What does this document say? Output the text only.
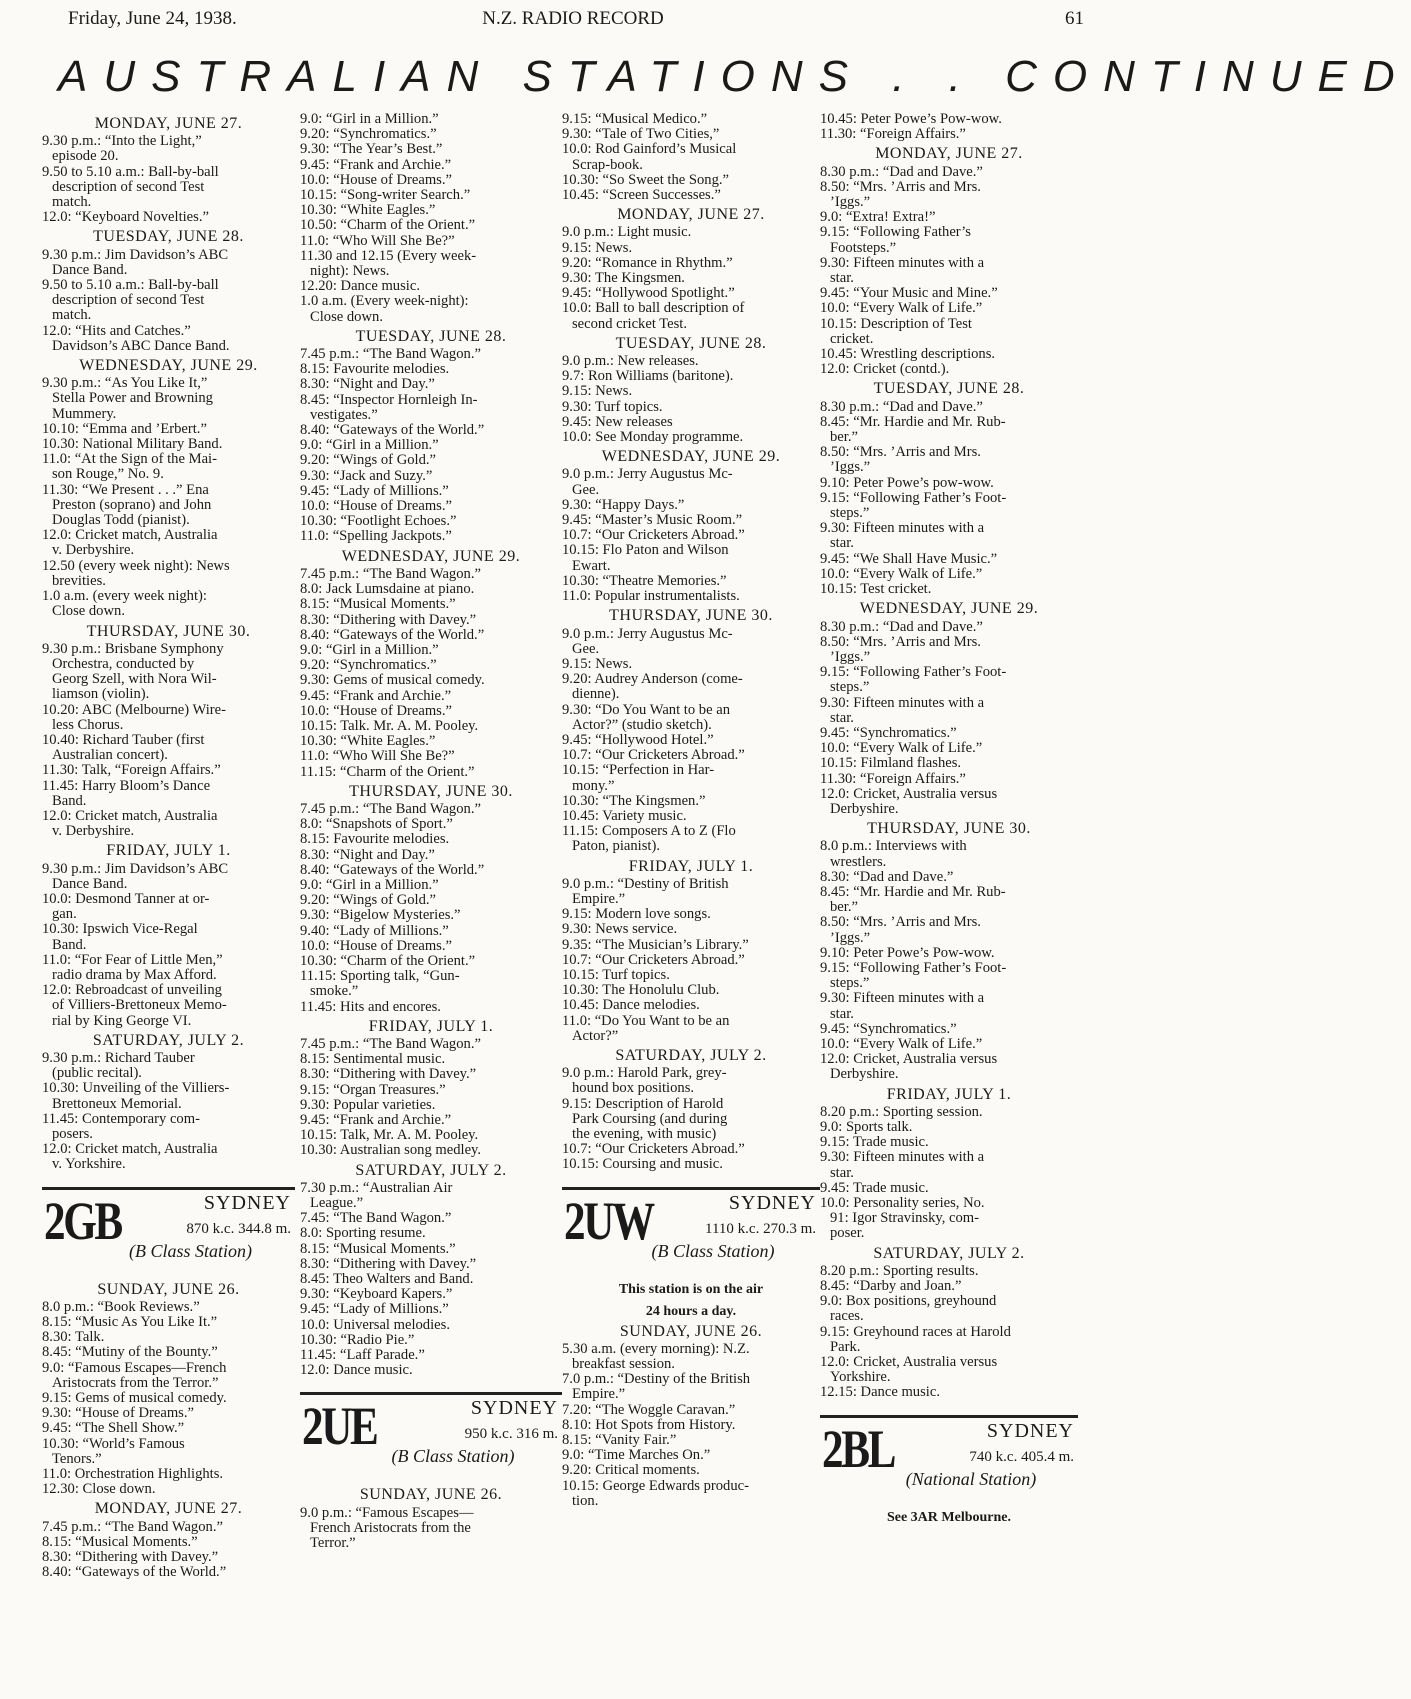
Friday, June 24, 1938.	N.Z. RADIO RECORD	61
AUSTRALIAN STATIONS . . CONTINUED
MONDAY, JUNE 27.
9.30 p.m.: “Into the Light,”
episode 20.
9.50 to 5.10 a.m.: Ball-by-ball
description of second Test
match.
12.0: “Keyboard Novelties.”
TUESDAY, JUNE 28.
9.30 p.m.: Jim Davidson’s ABC
Dance Band.
9.50 to 5.10 a.m.: Ball-by-ball
description of second Test
match.
12.0: “Hits and Catches.”
Davidson’s ABC Dance Band.
WEDNESDAY, JUNE 29.
9.30 p.m.: “As You Like It,”
Stella Power and Browning
Mummery.
10.10: “Emma and ’Erbert.”
10.30: National Military Band.
11.0: “At the Sign of the Mai-
son Rouge,” No. 9.
11.30: “We Present . . .” Ena
Preston (soprano) and John
Douglas Todd (pianist).
12.0: Cricket match, Australia
v. Derbyshire.
12.50 (every week night): News
brevities.
1.0 a.m. (every week night):
Close down.
THURSDAY, JUNE 30.
9.30 p.m.: Brisbane Symphony
Orchestra, conducted by
Georg Szell, with Nora Wil-
liamson (violin).
10.20: ABC (Melbourne) Wire-
less Chorus.
10.40: Richard Tauber (first
Australian concert).
11.30: Talk, “Foreign Affairs.”
11.45: Harry Bloom’s Dance
Band.
12.0: Cricket match, Australia
v. Derbyshire.
FRIDAY, JULY 1.
9.30 p.m.: Jim Davidson’s ABC
Dance Band.
10.0: Desmond Tanner at or-
gan.
10.30: Ipswich Vice-Regal
Band.
11.0: “For Fear of Little Men,”
radio drama by Max Afford.
12.0: Rebroadcast of unveiling
of Villiers-Brettoneux Memo-
rial by King George VI.
SATURDAY, JULY 2.
9.30 p.m.: Richard Tauber
(public recital).
10.30: Unveiling of the Villiers-
Brettoneux Memorial.
11.45: Contemporary com-
posers.
12.0: Cricket match, Australia
v. Yorkshire.
2GB	SYDNEY
870 k.c. 344.8 m.
(B Class Station)
SUNDAY, JUNE 26.
8.0 p.m.: “Book Reviews.”
8.15: “Music As You Like It.”
8.30: Talk.
8.45: “Mutiny of the Bounty.”
9.0: “Famous Escapes—French
Aristocrats from the Terror.”
9.15: Gems of musical comedy.
9.30: “House of Dreams.”
9.45: “The Shell Show.”
10.30: “World’s Famous
Tenors.”
11.0: Orchestration Highlights.
12.30: Close down.
MONDAY, JUNE 27.
7.45 p.m.: “The Band Wagon.”
8.15: “Musical Moments.”
8.30: “Dithering with Davey.”
8.40: “Gateways of the World.”
9.0: “Girl in a Million.”
9.20: “Synchromatics.”
9.30: “The Year’s Best.”
9.45: “Frank and Archie.”
10.0: “House of Dreams.”
10.15: “Song-writer Search.”
10.30: “White Eagles.”
10.50: “Charm of the Orient.”
11.0: “Who Will She Be?”
11.30 and 12.15 (Every week-
night): News.
12.20: Dance music.
1.0 a.m. (Every week-night):
Close down.
TUESDAY, JUNE 28.
7.45 p.m.: “The Band Wagon.”
8.15: Favourite melodies.
8.30: “Night and Day.”
8.45: “Inspector Hornleigh In-
vestigates.”
8.40: “Gateways of the World.”
9.0: “Girl in a Million.”
9.20: “Wings of Gold.”
9.30: “Jack and Suzy.”
9.45: “Lady of Millions.”
10.0: “House of Dreams.”
10.30: “Footlight Echoes.”
11.0: “Spelling Jackpots.”
WEDNESDAY, JUNE 29.
7.45 p.m.: “The Band Wagon.”
8.0: Jack Lumsdaine at piano.
8.15: “Musical Moments.”
8.30: “Dithering with Davey.”
8.40: “Gateways of the World.”
9.0: “Girl in a Million.”
9.20: “Synchromatics.”
9.30: Gems of musical comedy.
9.45: “Frank and Archie.”
10.0: “House of Dreams.”
10.15: Talk. Mr. A. M. Pooley.
10.30: “White Eagles.”
11.0: “Who Will She Be?”
11.15: “Charm of the Orient.”
THURSDAY, JUNE 30.
7.45 p.m.: “The Band Wagon.”
8.0: “Snapshots of Sport.”
8.15: Favourite melodies.
8.30: “Night and Day.”
8.40: “Gateways of the World.”
9.0: “Girl in a Million.”
9.20: “Wings of Gold.”
9.30: “Bigelow Mysteries.”
9.40: “Lady of Millions.”
10.0: “House of Dreams.”
10.30: “Charm of the Orient.”
11.15: Sporting talk, “Gun-
smoke.”
11.45: Hits and encores.
FRIDAY, JULY 1.
7.45 p.m.: “The Band Wagon.”
8.15: Sentimental music.
8.30: “Dithering with Davey.”
9.15: “Organ Treasures.”
9.30: Popular varieties.
9.45: “Frank and Archie.”
10.15: Talk, Mr. A. M. Pooley.
10.30: Australian song medley.
SATURDAY, JULY 2.
7.30 p.m.: “Australian Air
League.”
7.45: “The Band Wagon.”
8.0: Sporting resume.
8.15: “Musical Moments.”
8.30: “Dithering with Davey.”
8.45: Theo Walters and Band.
9.30: “Keyboard Kapers.”
9.45: “Lady of Millions.”
10.0: Universal melodies.
10.30: “Radio Pie.”
11.45: “Laff Parade.”
12.0: Dance music.
2UE	SYDNEY
950 k.c. 316 m.
(B Class Station)
SUNDAY, JUNE 26.
9.0 p.m.: “Famous Escapes—
French Aristocrats from the
Terror.”
9.15: “Musical Medico.”
9.30: “Tale of Two Cities,”
10.0: Rod Gainford’s Musical
Scrap-book.
10.30: “So Sweet the Song.”
10.45: “Screen Successes.”
MONDAY, JUNE 27.
9.0 p.m.: Light music.
9.15: News.
9.20: “Romance in Rhythm.”
9.30: The Kingsmen.
9.45: “Hollywood Spotlight.”
10.0: Ball to ball description of
second cricket Test.
TUESDAY, JUNE 28.
9.0 p.m.: New releases.
9.7: Ron Williams (baritone).
9.15: News.
9.30: Turf topics.
9.45: New releases
10.0: See Monday programme.
WEDNESDAY, JUNE 29.
9.0 p.m.: Jerry Augustus Mc-
Gee.
9.30: “Happy Days.”
9.45: “Master’s Music Room.”
10.7: “Our Cricketers Abroad.”
10.15: Flo Paton and Wilson
Ewart.
10.30: “Theatre Memories.”
11.0: Popular instrumentalists.
THURSDAY, JUNE 30.
9.0 p.m.: Jerry Augustus Mc-
Gee.
9.15: News.
9.20: Audrey Anderson (come-
dienne).
9.30: “Do You Want to be an
Actor?” (studio sketch).
9.45: “Hollywood Hotel.”
10.7: “Our Cricketers Abroad.”
10.15: “Perfection in Har-
mony.”
10.30: “The Kingsmen.”
10.45: Variety music.
11.15: Composers A to Z (Flo
Paton, pianist).
FRIDAY, JULY 1.
9.0 p.m.: “Destiny of British
Empire.”
9.15: Modern love songs.
9.30: News service.
9.35: “The Musician’s Library.”
10.7: “Our Cricketers Abroad.”
10.15: Turf topics.
10.30: The Honolulu Club.
10.45: Dance melodies.
11.0: “Do You Want to be an
Actor?”
SATURDAY, JULY 2.
9.0 p.m.: Harold Park, grey-
hound box positions.
9.15: Description of Harold
Park Coursing (and during
the evening, with music)
10.7: “Our Cricketers Abroad.”
10.15: Coursing and music.
2UW	SYDNEY
1110 k.c. 270.3 m.
(B Class Station)
This station is on the air
24 hours a day.
SUNDAY, JUNE 26.
5.30 a.m. (every morning): N.Z.
breakfast session.
7.0 p.m.: “Destiny of the British
Empire.”
7.20: “The Woggle Caravan.”
8.10: Hot Spots from History.
8.15: “Vanity Fair.”
9.0: “Time Marches On.”
9.20: Critical moments.
10.15: George Edwards produc-
tion.
10.45: Peter Powe’s Pow-wow.
11.30: “Foreign Affairs.”
MONDAY, JUNE 27.
8.30 p.m.: “Dad and Dave.”
8.50: “Mrs. ’Arris and Mrs.
’Iggs.”
9.0: “Extra! Extra!”
9.15: “Following Father’s
Footsteps.”
9.30: Fifteen minutes with a
star.
9.45: “Your Music and Mine.”
10.0: “Every Walk of Life.”
10.15: Description of Test
cricket.
10.45: Wrestling descriptions.
12.0: Cricket (contd.).
TUESDAY, JUNE 28.
8.30 p.m.: “Dad and Dave.”
8.45: “Mr. Hardie and Mr. Rub-
ber.”
8.50: “Mrs. ’Arris and Mrs.
’Iggs.”
9.10: Peter Powe’s pow-wow.
9.15: “Following Father’s Foot-
steps.”
9.30: Fifteen minutes with a
star.
9.45: “We Shall Have Music.”
10.0: “Every Walk of Life.”
10.15: Test cricket.
WEDNESDAY, JUNE 29.
8.30 p.m.: “Dad and Dave.”
8.50: “Mrs. ’Arris and Mrs.
’Iggs.”
9.15: “Following Father’s Foot-
steps.”
9.30: Fifteen minutes with a
star.
9.45: “Synchromatics.”
10.0: “Every Walk of Life.”
10.15: Filmland flashes.
11.30: “Foreign Affairs.”
12.0: Cricket, Australia versus
Derbyshire.
THURSDAY, JUNE 30.
8.0 p.m.: Interviews with
wrestlers.
8.30: “Dad and Dave.”
8.45: “Mr. Hardie and Mr. Rub-
ber.”
8.50: “Mrs. ’Arris and Mrs.
’Iggs.”
9.10: Peter Powe’s Pow-wow.
9.15: “Following Father’s Foot-
steps.”
9.30: Fifteen minutes with a
star.
9.45: “Synchromatics.”
10.0: “Every Walk of Life.”
12.0: Cricket, Australia versus
Derbyshire.
FRIDAY, JULY 1.
8.20 p.m.: Sporting session.
9.0: Sports talk.
9.15: Trade music.
9.30: Fifteen minutes with a
star.
9.45: Trade music.
10.0: Personality series, No.
91: Igor Stravinsky, com-
poser.
SATURDAY, JULY 2.
8.20 p.m.: Sporting results.
8.45: “Darby and Joan.”
9.0: Box positions, greyhound
races.
9.15: Greyhound races at Harold
Park.
12.0: Cricket, Australia versus
Yorkshire.
12.15: Dance music.
2BL	SYDNEY
740 k.c. 405.4 m.
(National Station)
See 3AR Melbourne.
